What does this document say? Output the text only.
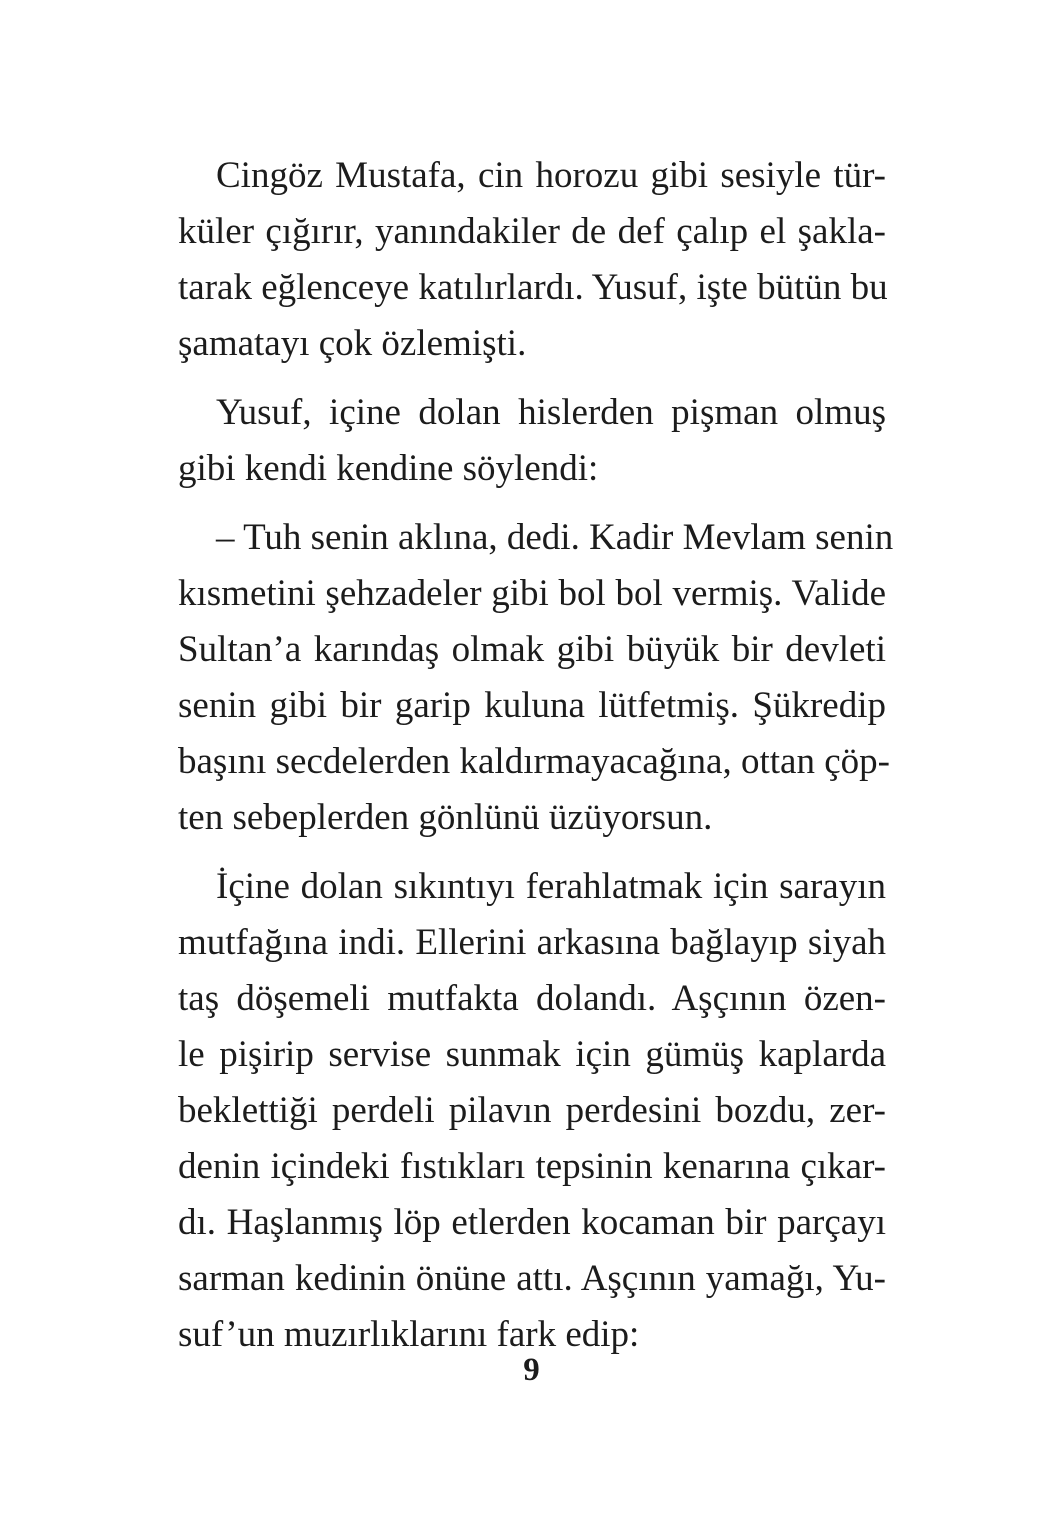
Cingöz Mustafa, cin horozu gibi sesiyle tür-
küler çığırır, yanındakiler de def çalıp el şakla-
tarak eğlenceye katılırlardı. Yusuf, işte bütün bu
şamatayı çok özlemişti.
Yusuf, içine dolan hislerden pişman olmuş
gibi kendi kendine söylendi:
– Tuh senin aklına, dedi. Kadir Mevlam senin
kısmetini şehzadeler gibi bol bol vermiş. Valide
Sultan’a karındaş olmak gibi büyük bir devleti
senin gibi bir garip kuluna lütfetmiş. Şükredip
başını secdelerden kaldırmayacağına, ottan çöp-
ten sebeplerden gönlünü üzüyorsun.
İçine dolan sıkıntıyı ferahlatmak için sarayın
mutfağına indi. Ellerini arkasına bağlayıp siyah
taş döşemeli mutfakta dolandı. Aşçının özen-
le pişirip servise sunmak için gümüş kaplarda
beklettiği perdeli pilavın perdesini bozdu, zer-
denin içindeki fıstıkları tepsinin kenarına çıkar-
dı. Haşlanmış löp etlerden kocaman bir parçayı
sarman kedinin önüne attı. Aşçının yamağı, Yu-
suf’un muzırlıklarını fark edip:
9
